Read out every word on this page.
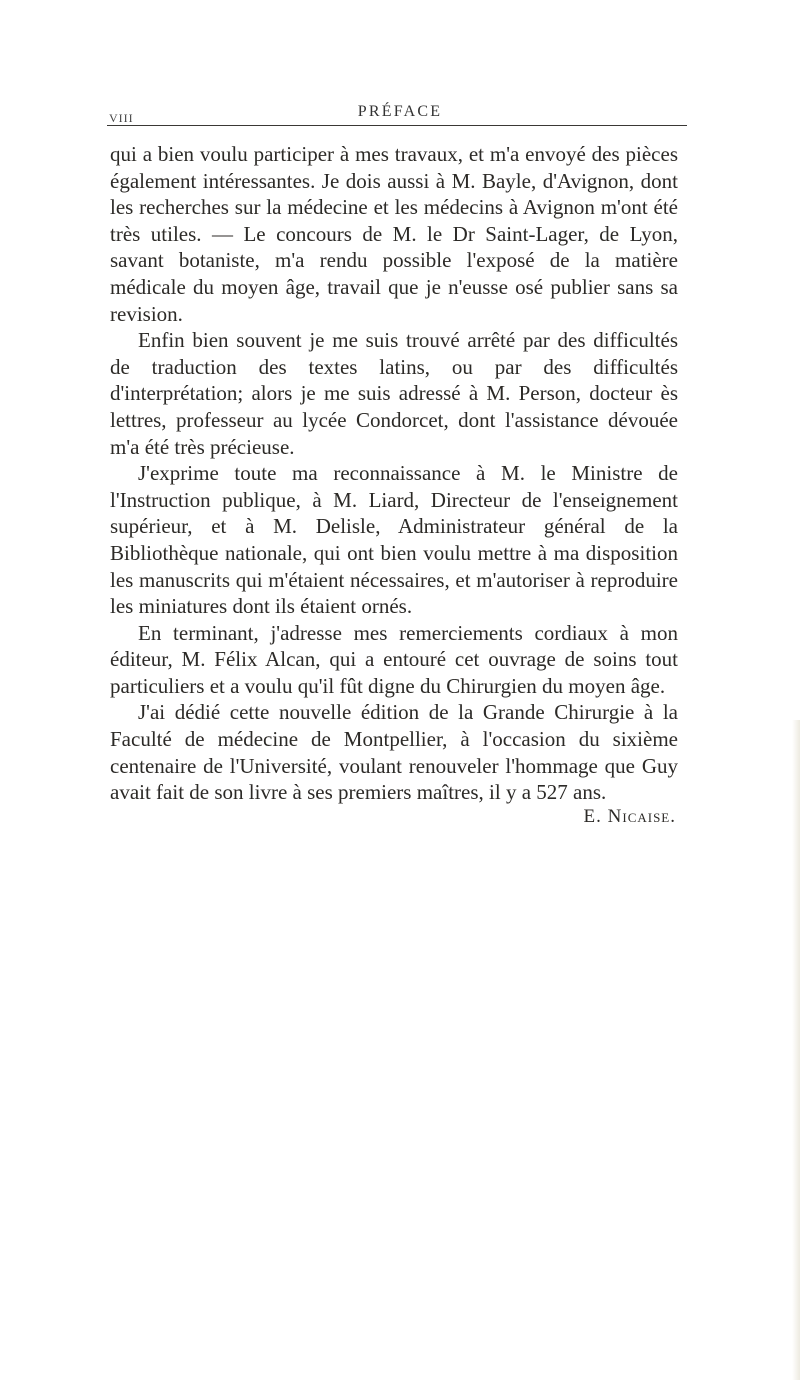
VIII	PRÉFACE

qui a bien voulu participer à mes travaux, et m'a envoyé des pièces également intéressantes. Je dois aussi à M. Bayle, d'Avignon, dont les recherches sur la médecine et les médecins à Avignon m'ont été très utiles. — Le concours de M. le Dr Saint-Lager, de Lyon, savant botaniste, m'a rendu possible l'exposé de la matière médicale du moyen âge, travail que je n'eusse osé publier sans sa revision.

Enfin bien souvent je me suis trouvé arrêté par des difficultés de traduction des textes latins, ou par des difficultés d'interprétation; alors je me suis adressé à M. Person, docteur ès lettres, professeur au lycée Condorcet, dont l'assistance dévouée m'a été très précieuse.

J'exprime toute ma reconnaissance à M. le Ministre de l'Instruction publique, à M. Liard, Directeur de l'enseignement supérieur, et à M. Delisle, Administrateur général de la Bibliothèque nationale, qui ont bien voulu mettre à ma disposition les manuscrits qui m'étaient nécessaires, et m'autoriser à reproduire les miniatures dont ils étaient ornés.

En terminant, j'adresse mes remerciements cordiaux à mon éditeur, M. Félix Alcan, qui a entouré cet ouvrage de soins tout particuliers et a voulu qu'il fût digne du Chirurgien du moyen âge.

J'ai dédié cette nouvelle édition de la Grande Chirurgie à la Faculté de médecine de Montpellier, à l'occasion du sixième centenaire de l'Université, voulant renouveler l'hommage que Guy avait fait de son livre à ses premiers maîtres, il y a 527 ans.

E. Nicaise.
